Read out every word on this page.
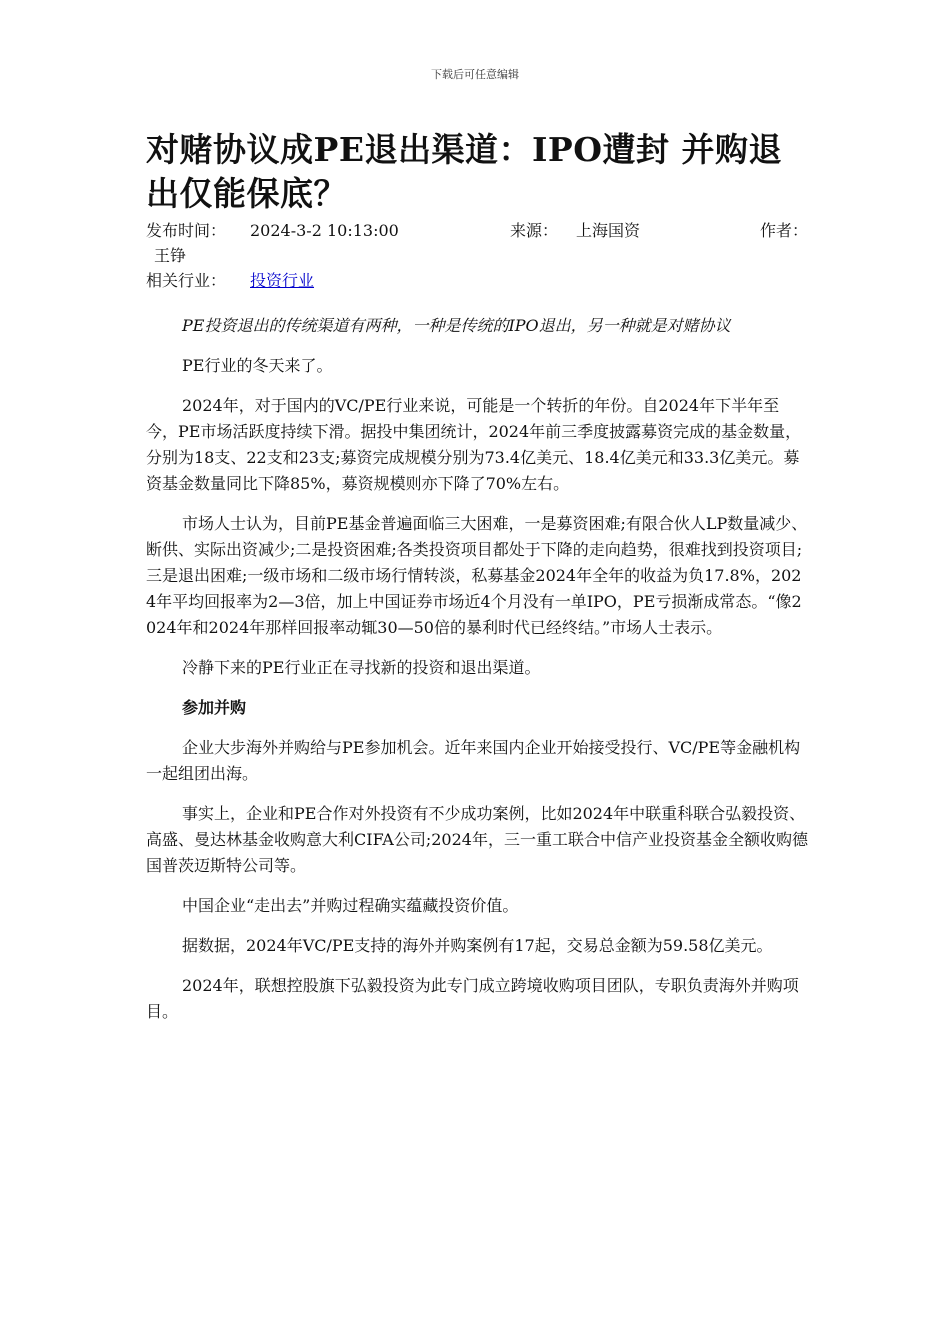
下载后可任意编辑
对赌协议成PE退出渠道：IPO遭封 并购退出仅能保底？
发布时间： 2024-3-2 10:13:00	来源： 上海国资	作者：
王铮
相关行业： 投资行业

PE投资退出的传统渠道有两种，一种是传统的IPO退出，另一种就是对赌协议

PE行业的冬天来了。

2024年，对于国内的VC/PE行业来说，可能是一个转折的年份。自2024年下半年至今，PE市场活跃度持续下滑。据投中集团统计，2024年前三季度披露募资完成的基金数量，分别为18支、22支和23支;募资完成规模分别为73.4亿美元、18.4亿美元和33.3亿美元。募资基金数量同比下降85%，募资规模则亦下降了70%左右。

市场人士认为，目前PE基金普遍面临三大困难，一是募资困难;有限合伙人LP数量减少、断供、实际出资减少;二是投资困难;各类投资项目都处于下降的走向趋势，很难找到投资项目;三是退出困难;一级市场和二级市场行情转淡，私募基金2024年全年的收益为负17.8%，2024年平均回报率为2—3倍，加上中国证券市场近4个月没有一单IPO，PE亏损渐成常态。“像2024年和2024年那样回报率动辄30—50倍的暴利时代已经终结。”市场人士表示。

冷静下来的PE行业正在寻找新的投资和退出渠道。

参加并购

企业大步海外并购给与PE参加机会。近年来国内企业开始接受投行、VC/PE等金融机构一起组团出海。

事实上，企业和PE合作对外投资有不少成功案例，比如2024年中联重科联合弘毅投资、高盛、曼达林基金收购意大利CIFA公司;2024年，三一重工联合中信产业投资基金全额收购德国普茨迈斯特公司等。

中国企业“走出去”并购过程确实蕴藏投资价值。

据数据，2024年VC/PE支持的海外并购案例有17起，交易总金额为59.58亿美元。

2024年，联想控股旗下弘毅投资为此专门成立跨境收购项目团队，专职负责海外并购项目。
